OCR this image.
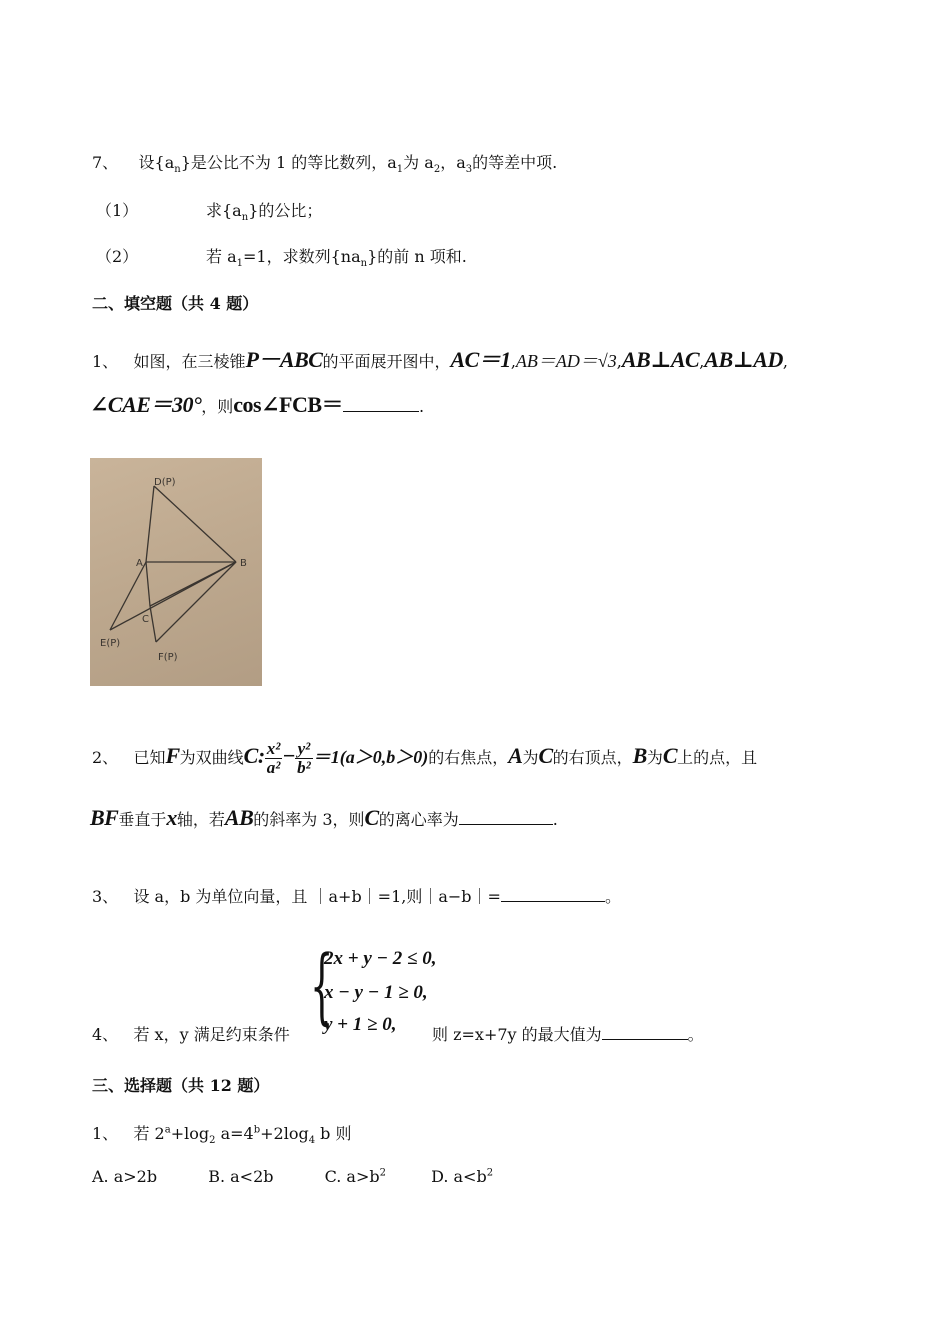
7、 设$\{a_n\}$是公比不为 1 的等比数列，$a_1$为 $a_2$，$a_3$的等差中项.
（1）	求$\{a_n\}$的公比；
（2）	若 $a_1=1$，求数列$\{na_n\}$的前 n 项和.
二、填空题（共 4 题）
1、 如图，在三棱锥P－ABC的平面展开图中，AC＝1,AB＝AD＝√3,AB⊥AC,AB⊥AD,
∠CAE＝30°，则cos∠FCB＝	.
D(P)
A	B
C
E(P)
F(P)
2、 已知F为双曲线C: $\frac{\text{x²}}{\text{a²}} - \frac{\text{y²}}{\text{b²}} =1(a>0,b>0)$的右焦点，A为C的右顶点，B为C上的点，且
BF垂直于x轴，若AB的斜率为 3，则C的离心率为	.
3、 设 a，b 为单位向量，且 ｜a+b｜=1,则｜a−b｜=	。
4、 若 x，y 满足约束条件
{
2x + y − 2 ≤ 0,
x − y − 1 ≥ 0,
y + 1 ≥ 0, 则 z=x+7y 的最大值为	。
三、选择题（共 12 题）
1、 若 $2^a+\log_2$ $a=4^b+2\log_4$ b 则
A. a>2b	B. a<2b	C. $a>b^2$	D. $a<b^2$
